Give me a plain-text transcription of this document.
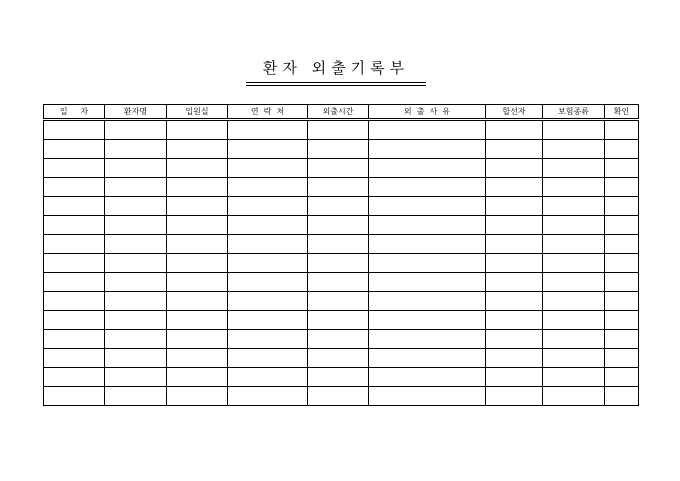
환자 외출기록부
일     자	환자명	입원실	연  락  처	외출시간	외  출  사  유	합선자	보험종류	확인
